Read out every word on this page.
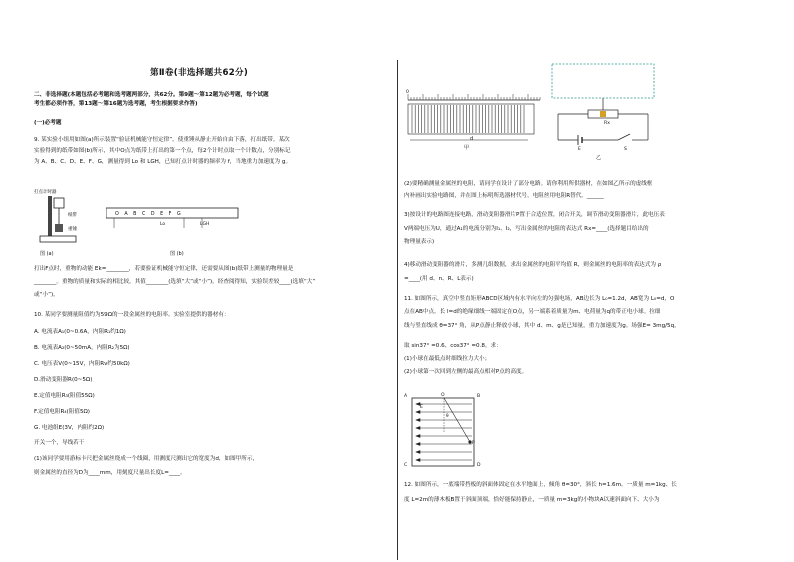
第Ⅱ卷(非选择题共62分)
二、非选择题(本题包括必考题和选考题两部分，共62分。第9题～第12题为必考题，每个试题
考生都必须作答，第13题～第16题为选考题，考生根据要求作答)
(一)必考题
9. 某实验小组用如图(a)所示装置“验证机械能守恒定律”。使重锤从静止开始自由下落，打出纸带。某次
实验得到的纸带如图(b)所示，其中O点为纸带上打出的第一个点，每2个计时点取一个计数点，分别标记
为 A、B、C、D、E、F、G，测量得到 Lo 和 LGH，已知打点计时器的频率为 f，当地重力加速度为 g。
打点计时器
纸带
重锤
图 (a)
O A B C D E F G
Lo	LGH
图 (b)
打出F点时，重物的动能 Ek=________，若要验证机械能守恒定律，还需要从图(b)纸带上测量的物理量是
________。重物的质量和实际的相比较，其值________(选填“大”或“小”)，经查阅得知，实验误差较____(选填“大”
或“小”)。
10. 某同学要测量阻值约为59Ω的一段金属丝的电阻率。实验室提供的器材有：
A. 电流表A₁(0~0.6A，内阻R₁约1Ω)
B. 电流表A₂(0~50mA，内阻R₂为5Ω)
C. 电压表V(0~15V，内阻Rv约50kΩ)
D.滑动变阻器R(0~5Ω)
E.定值电阻R₃(阻值55Ω)
F.定值电阻R₄(阻值5Ω)
G. 电池组E(3V，内阻约2Ω)
开关一个，导线若干
(1)该同学要用游标卡尺把金属丝绕成一个线圈，用测度尺测出它的宽度为d，如图甲所示，
则金属丝的直径为D为____mm，用刻度尺量出长度L=____。
0
d
甲
Rx
E	S
乙
(2)要精确测量金属丝的电阻，请同学在设计了部分电路。请你利用所供器材，在如图乙所示的虚线框
内补画出实验电路图，并在图上标明所选器材代号，电阻丝用电阻R替代。______
3)按设计的电路图连接电路，滑动变阻器滑片P置于合适位置，闭合开关，调节滑动变阻器滑片，此电压表
V两端电压为U，通过A₁的电流分别为I₁、I₂，写出金属丝的电阻的表达式 Rx=____(选择题目给出的
物理量表示)
4)移动滑动变阻器的滑片，多测几组数据，求出金属丝的电阻平均值 R，则金属丝的电阻率的表达式为 ρ
=____(用 d、n、R、L表示)
11. 如图所示，真空中竖直矩形ABCD区域内有水平向左的匀强电场，AB边长为 L₀=1.2d，AB宽为 L₀=d，O
点在AB中点。长 l=d的绝缘细线一端固定在O点，另一端系着质量为m、电荷量为q的带正电小球。拉细
线与竖直线成 θ=37° 角，从P点静止释放小球，其中 d、m、g是已知量，重力加速度为g。场强E= 3mg/5q，
取 sin37° =0.6、cos37° =0.8。求：
(1)小球在最低点时细线拉力大小；
(2)小球第一次回到左侧的最高点相对P点的高度。
A	B
C	D
O
P
E
θ
12. 如图所示，一底端带挡板的斜面体固定在水平地面上，倾角 θ=30°，斜长 h=1.6m。一质量 m=1kg、长
度 L=2m的薄木板B置于斜面顶端，恰好能保持静止，一质量 m=3kg的小物块A以速斜面向下、大小为
